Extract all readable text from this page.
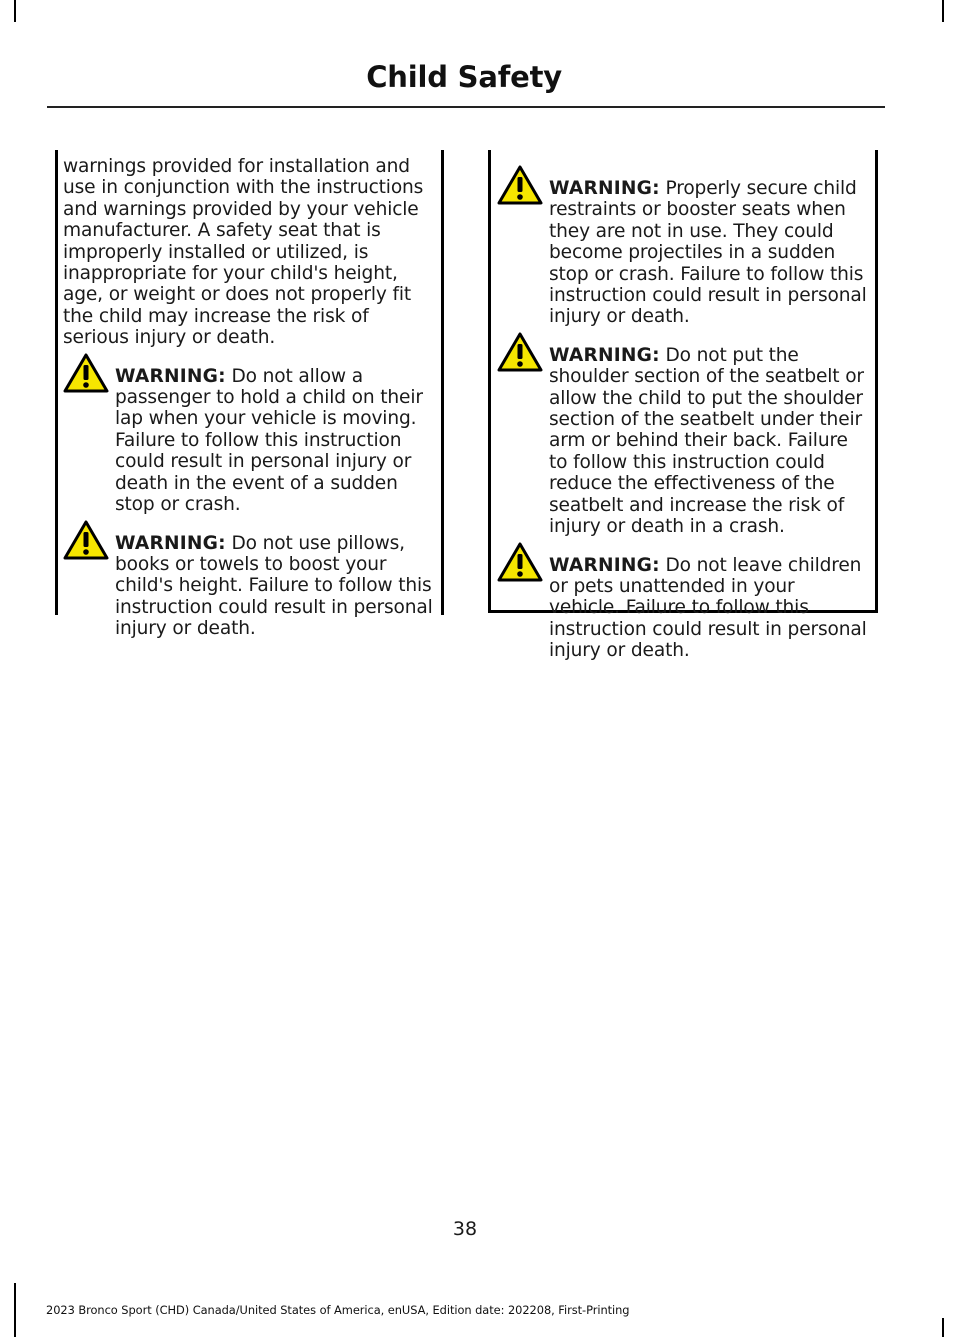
Child Safety

warnings provided for installation and use in conjunction with the instructions and warnings provided by your vehicle manufacturer. A safety seat that is improperly installed or utilized, is inappropriate for your child's height, age, or weight or does not properly fit the child may increase the risk of serious injury or death.

WARNING: Do not allow a passenger to hold a child on their lap when your vehicle is moving. Failure to follow this instruction could result in personal injury or death in the event of a sudden stop or crash.

WARNING: Do not use pillows, books or towels to boost your child's height. Failure to follow this instruction could result in personal injury or death.

WARNING: Properly secure child restraints or booster seats when they are not in use. They could become projectiles in a sudden stop or crash. Failure to follow this instruction could result in personal injury or death.

WARNING: Do not put the shoulder section of the seatbelt or allow the child to put the shoulder section of the seatbelt under their arm or behind their back. Failure to follow this instruction could reduce the effectiveness of the seatbelt and increase the risk of injury or death in a crash.

WARNING: Do not leave children or pets unattended in your vehicle. Failure to follow this instruction could result in personal injury or death.

38
2023 Bronco Sport (CHD) Canada/United States of America, enUSA, Edition date: 202208, First-Printing
